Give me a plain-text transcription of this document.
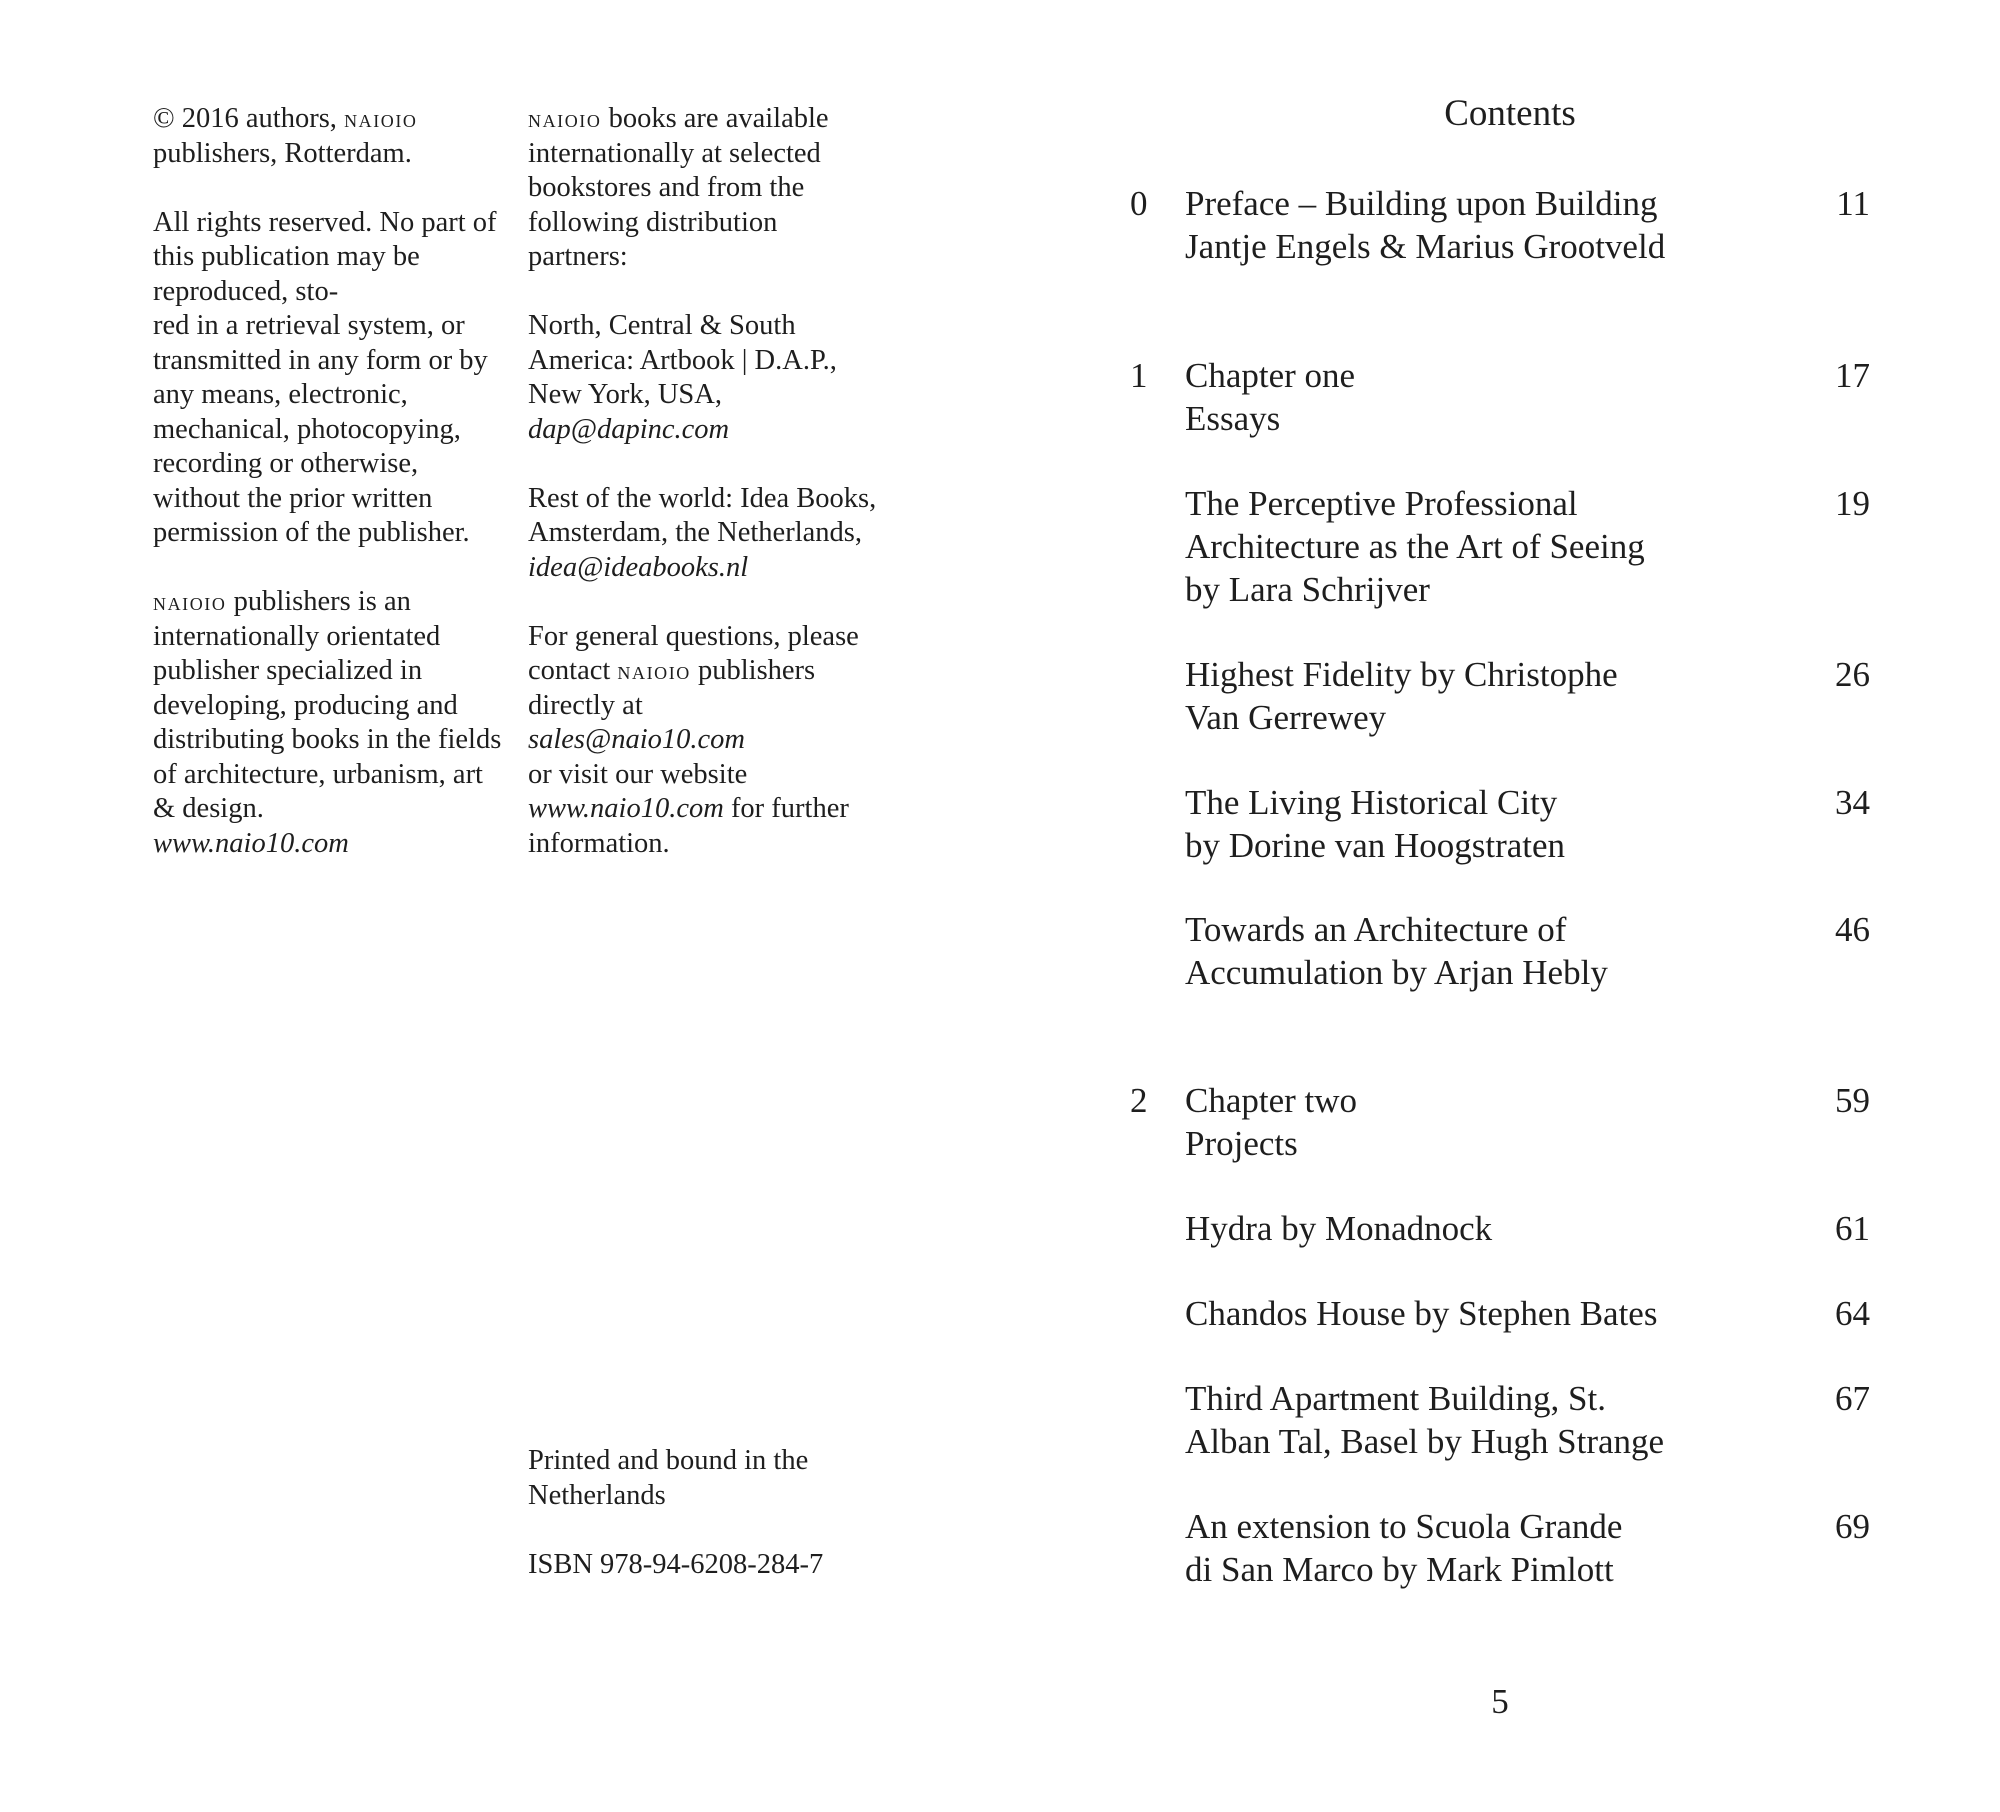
© 2016 authors, naioio publishers, Rotterdam.

All rights reserved. No part of this publication may be reproduced, sto-
red in a retrieval system, or transmitted in any form or by any means, electronic, mechanical, photocopying, recording or otherwise, without the prior written permission of the publisher.

naioio publishers is an internationally orientated publisher specialized in developing, producing and distributing books in the fields of architecture, urbanism, art & design.
www.naio10.com

naioio books are available internationally at selected bookstores and from the following distribution partners:

North, Central & South America: Artbook | D.A.P., New York, USA,
dap@dapinc.com

Rest of the world: Idea Books, Amsterdam, the Netherlands,
idea@ideabooks.nl

For general questions, please contact naioio publishers directly at
sales@naio10.com
or visit our website
www.naio10.com for further information.

Printed and bound in the Netherlands

ISBN 978-94-6208-284-7

Contents
0	Preface – Building upon Building
Jantje Engels & Marius Grootveld
11
1	Chapter one
Essays
17
The Perceptive Professional
Architecture as the Art of Seeing
by Lara Schrijver
19
Highest Fidelity by Christophe
Van Gerrewey
26
The Living Historical City
by Dorine van Hoogstraten
34
Towards an Architecture of
Accumulation by Arjan Hebly
46
2	Chapter two
Projects
59
Hydra by Monadnock	61
Chandos House by Stephen Bates	64
Third Apartment Building, St.
Alban Tal, Basel by Hugh Strange
67
An extension to Scuola Grande
di San Marco by Mark Pimlott
69
5
